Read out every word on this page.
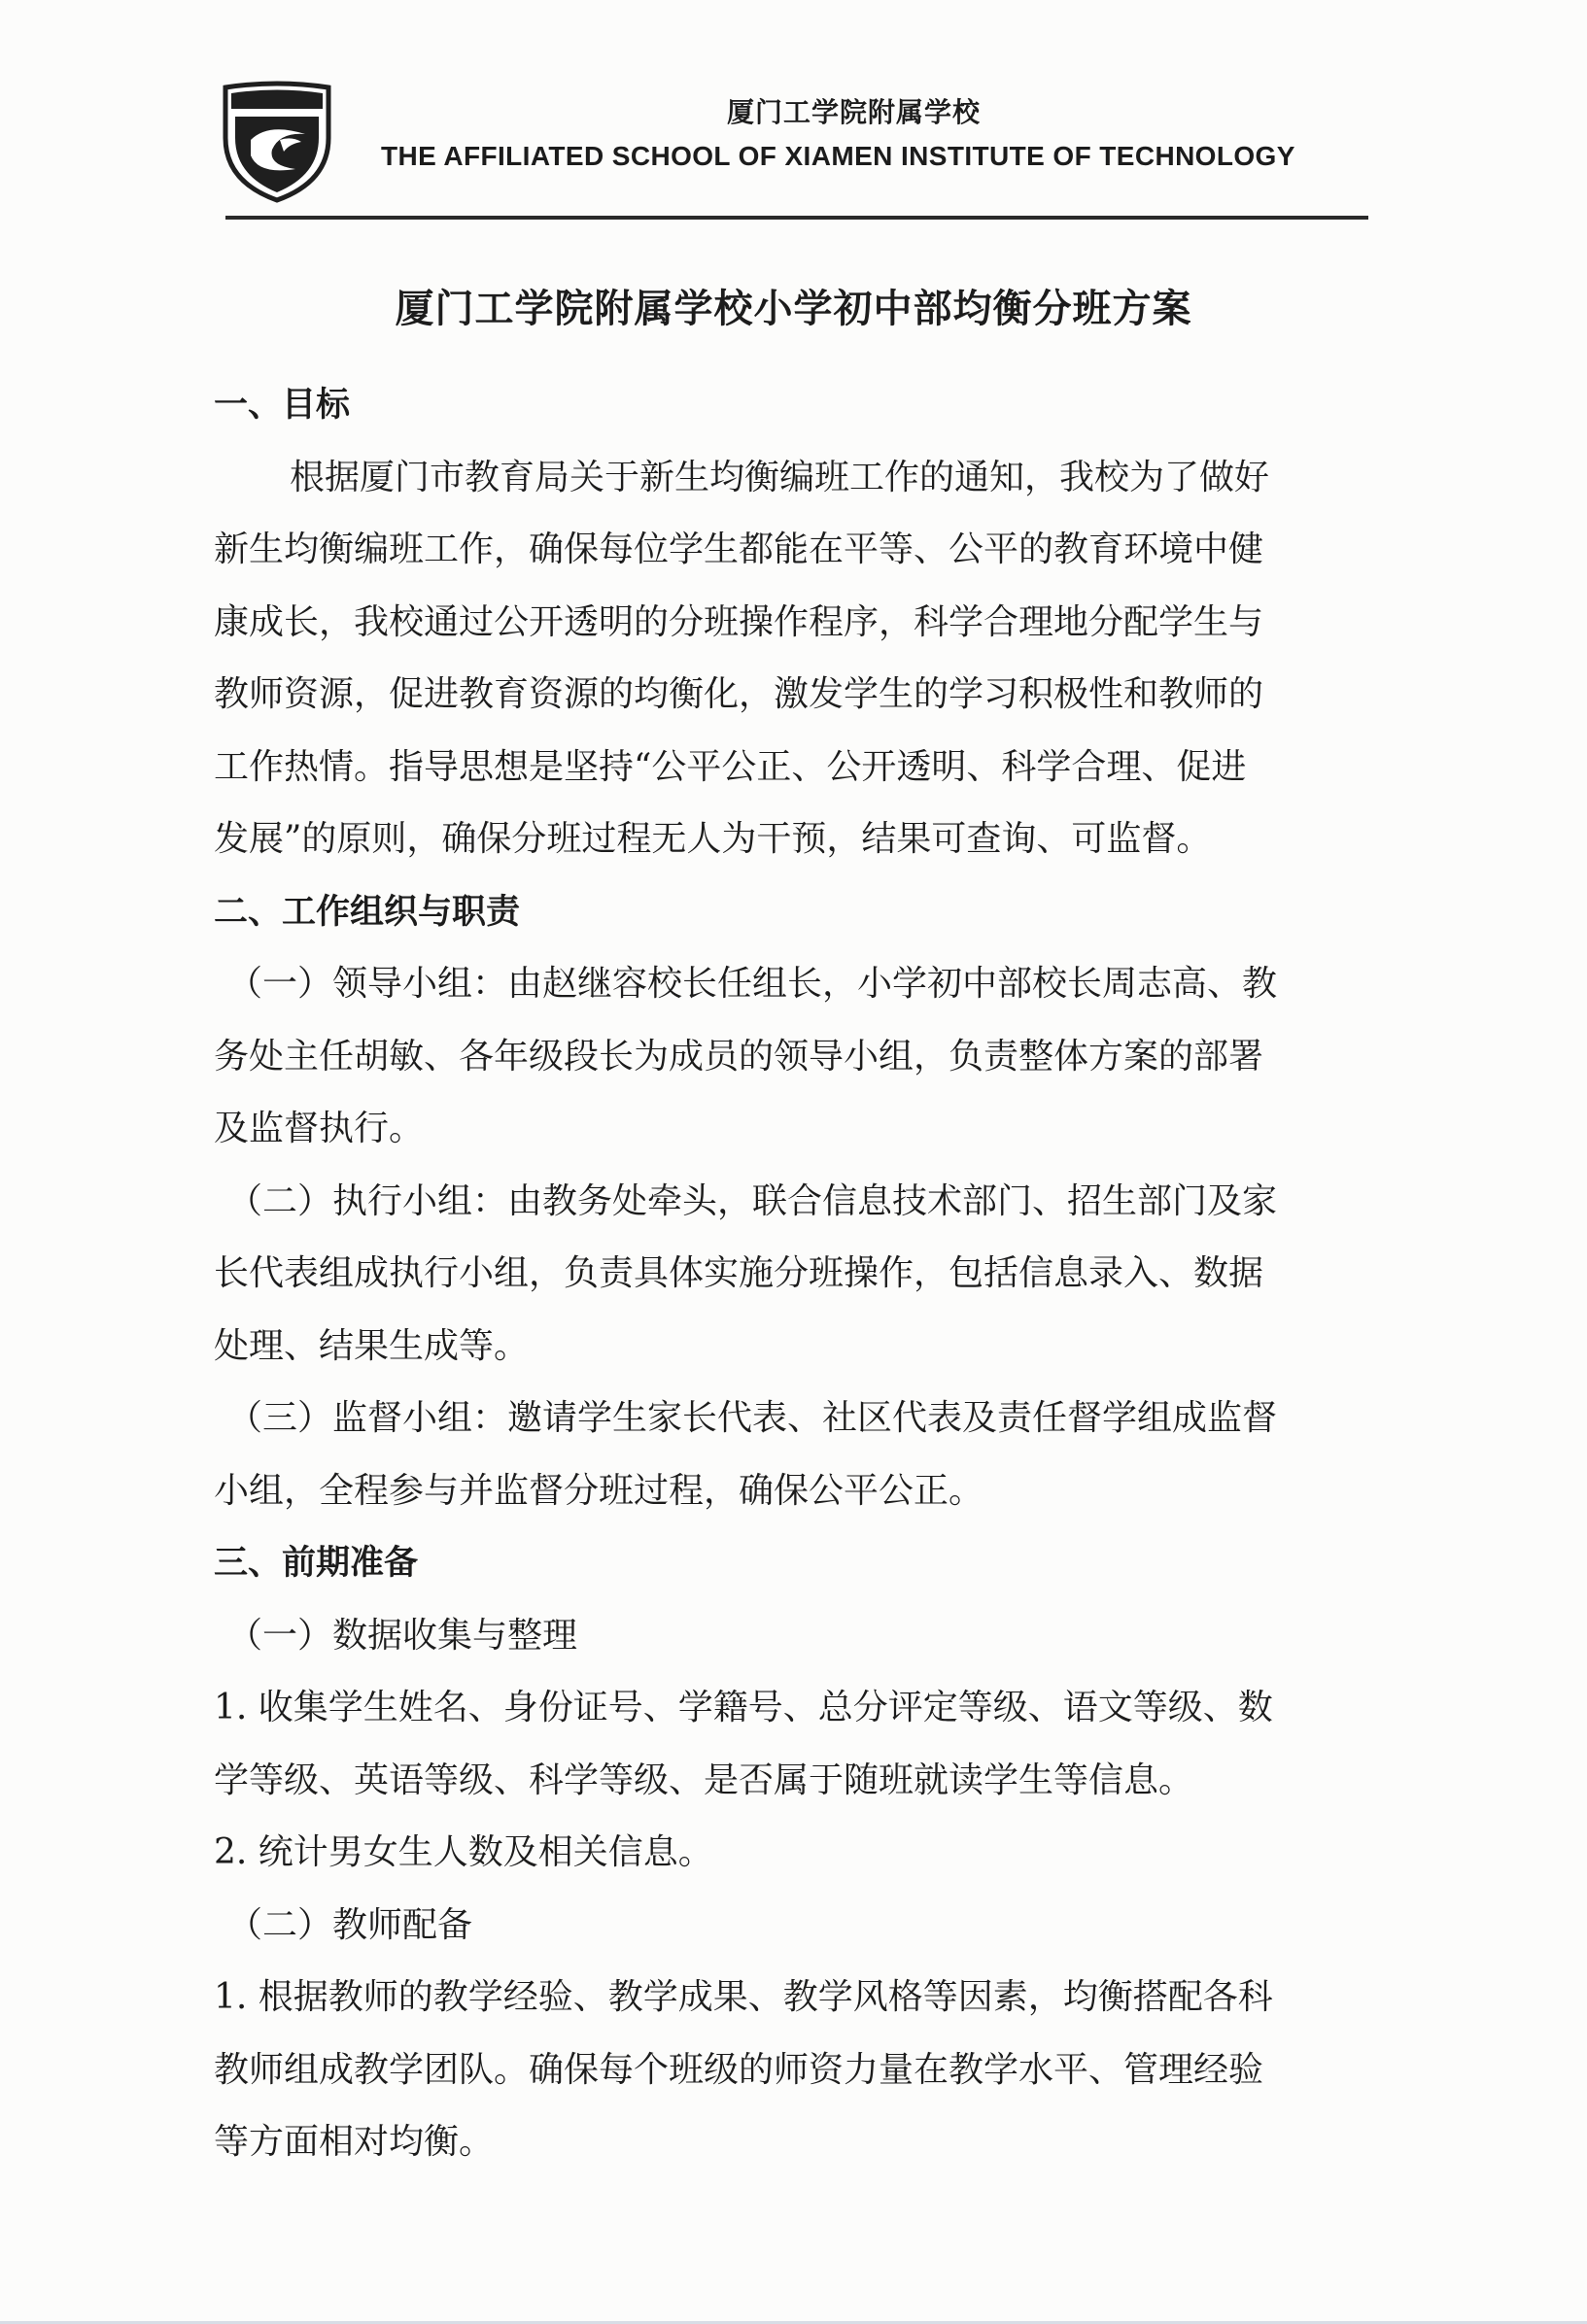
厦门工学院附属学校
THE AFFILIATED SCHOOL OF XIAMEN INSTITUTE OF TECHNOLOGY
厦门工学院附属学校小学初中部均衡分班方案

一、目标

根据厦门市教育局关于新生均衡编班工作的通知，我校为了做好

新生均衡编班工作，确保每位学生都能在平等、公平的教育环境中健

康成长，我校通过公开透明的分班操作程序，科学合理地分配学生与

教师资源，促进教育资源的均衡化，激发学生的学习积极性和教师的

工作热情。指导思想是坚持“公平公正、公开透明、科学合理、促进

发展”的原则，确保分班过程无人为干预，结果可查询、可监督。

二、工作组织与职责

（一）领导小组：由赵继容校长任组长，小学初中部校长周志高、教

务处主任胡敏、各年级段长为成员的领导小组，负责整体方案的部署

及监督执行。

（二）执行小组：由教务处牵头，联合信息技术部门、招生部门及家

长代表组成执行小组，负责具体实施分班操作，包括信息录入、数据

处理、结果生成等。

（三）监督小组：邀请学生家长代表、社区代表及责任督学组成监督

小组，全程参与并监督分班过程，确保公平公正。

三、前期准备

（一）数据收集与整理

1. 收集学生姓名、身份证号、学籍号、总分评定等级、语文等级、数

学等级、英语等级、科学等级、是否属于随班就读学生等信息。

2. 统计男女生人数及相关信息。

（二）教师配备

1. 根据教师的教学经验、教学成果、教学风格等因素，均衡搭配各科

教师组成教学团队。确保每个班级的师资力量在教学水平、管理经验

等方面相对均衡。
